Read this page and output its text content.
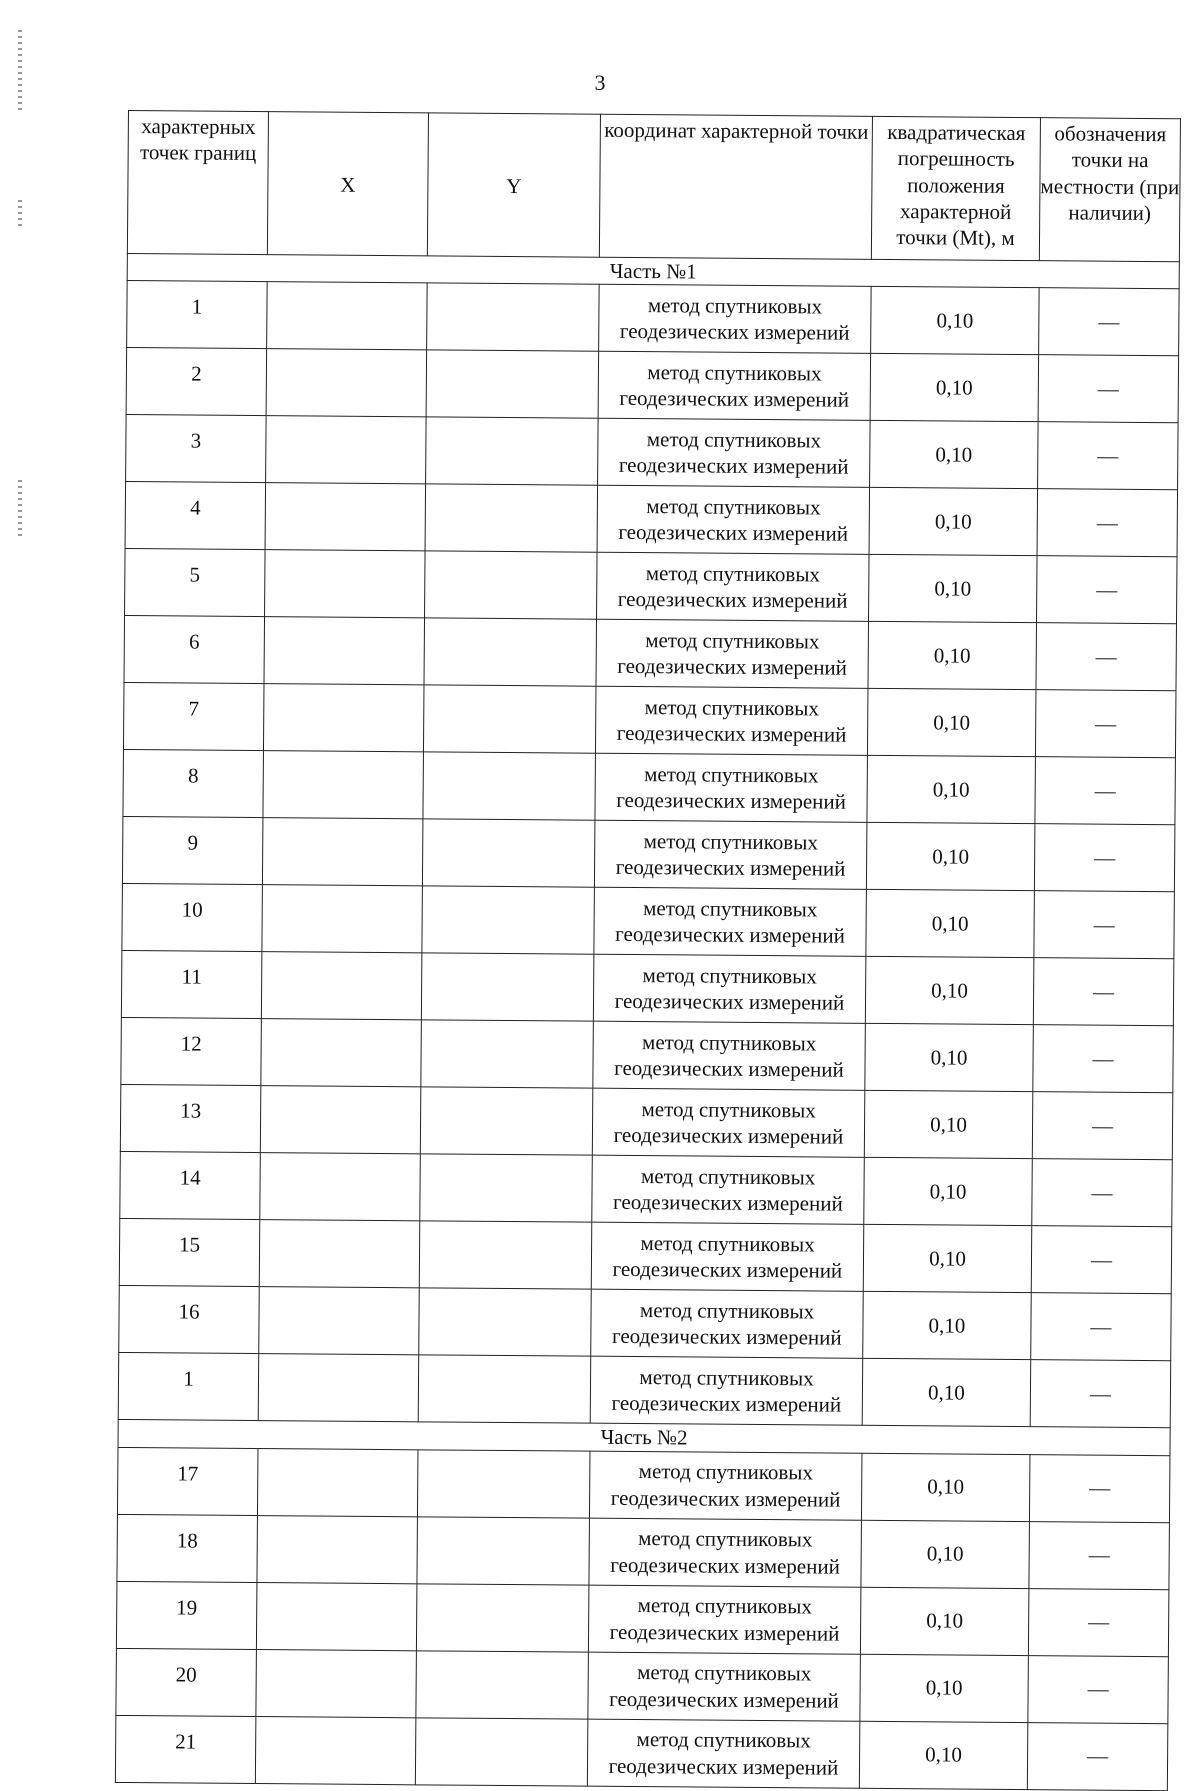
3
характерных точек границ	X	Y	координат характерной точки	квадратическая погрешность положения характерной точки (Mt), м	обозначения точки на местности (при наличии)
Часть №1					
1			метод спутниковых геодезических измерений	0,10	—
2			метод спутниковых геодезических измерений	0,10	—
3			метод спутниковых геодезических измерений	0,10	—
4			метод спутниковых геодезических измерений	0,10	—
5			метод спутниковых геодезических измерений	0,10	—
6			метод спутниковых геодезических измерений	0,10	—
7			метод спутниковых геодезических измерений	0,10	—
8			метод спутниковых геодезических измерений	0,10	—
9			метод спутниковых геодезических измерений	0,10	—
10			метод спутниковых геодезических измерений	0,10	—
11			метод спутниковых геодезических измерений	0,10	—
12			метод спутниковых геодезических измерений	0,10	—
13			метод спутниковых геодезических измерений	0,10	—
14			метод спутниковых геодезических измерений	0,10	—
15			метод спутниковых геодезических измерений	0,10	—
16			метод спутниковых геодезических измерений	0,10	—
1			метод спутниковых геодезических измерений	0,10	—
Часть №2					
17			метод спутниковых геодезических измерений	0,10	—
18			метод спутниковых геодезических измерений	0,10	—
19			метод спутниковых геодезических измерений	0,10	—
20			метод спутниковых геодезических измерений	0,10	—
21			метод спутниковых геодезических измерений	0,10	—
